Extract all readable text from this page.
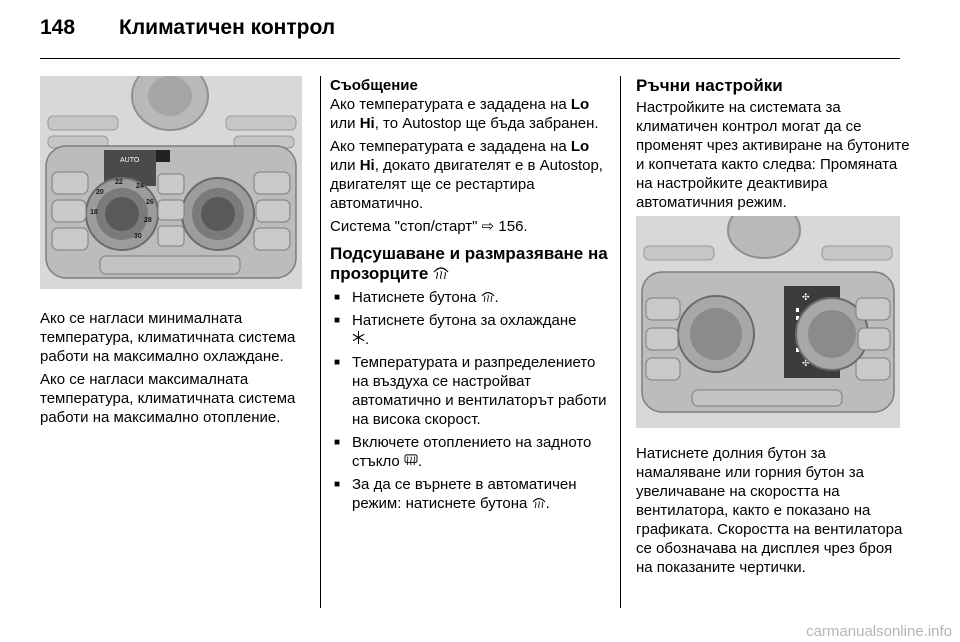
148 Климатичен контрол
AUTO
18
20
22
24
26
28
30

Ако се нагласи минималната температура, климатичната система работи на максимално охлаждане.

Ако се нагласи максималната температура, климатичната система работи на максимално отопление.

Съобщение

Ако температурата е зададена на Lo или Hi, то Autostop ще бъда забранен.

Ако температурата е зададена на Lo или Hi, докато двигателят е в Autostop, двигателят ще се рестартира автоматично.

Система "стоп/старт" ⇨ 156.

Подсушаване и размразяване на прозорците
■ Натиснете бутона .
■ Натиснете бутона за охлаждане
.
■ Температурата и разпределението на въздуха се настройват автоматично и вентилаторът работи на висока скорост.
■ Включете отоплението на задното стъкло .
■ За да се върнете в автоматичен режим: натиснете бутона .
Ръчни настройки

Настройките на системата за климатичен контрол могат да се променят чрез активиране на бутоните и копчетата както следва: Промяната на настройките деактивира автоматичния режим.

✣
✣

Натиснете долния бутон за намаляване или горния бутон за увеличаване на скоростта на вентилатора, както е показано на графиката. Скоростта на вентилатора се обозначава на дисплея чрез броя на показаните чертички.

carmanualsonline.info
